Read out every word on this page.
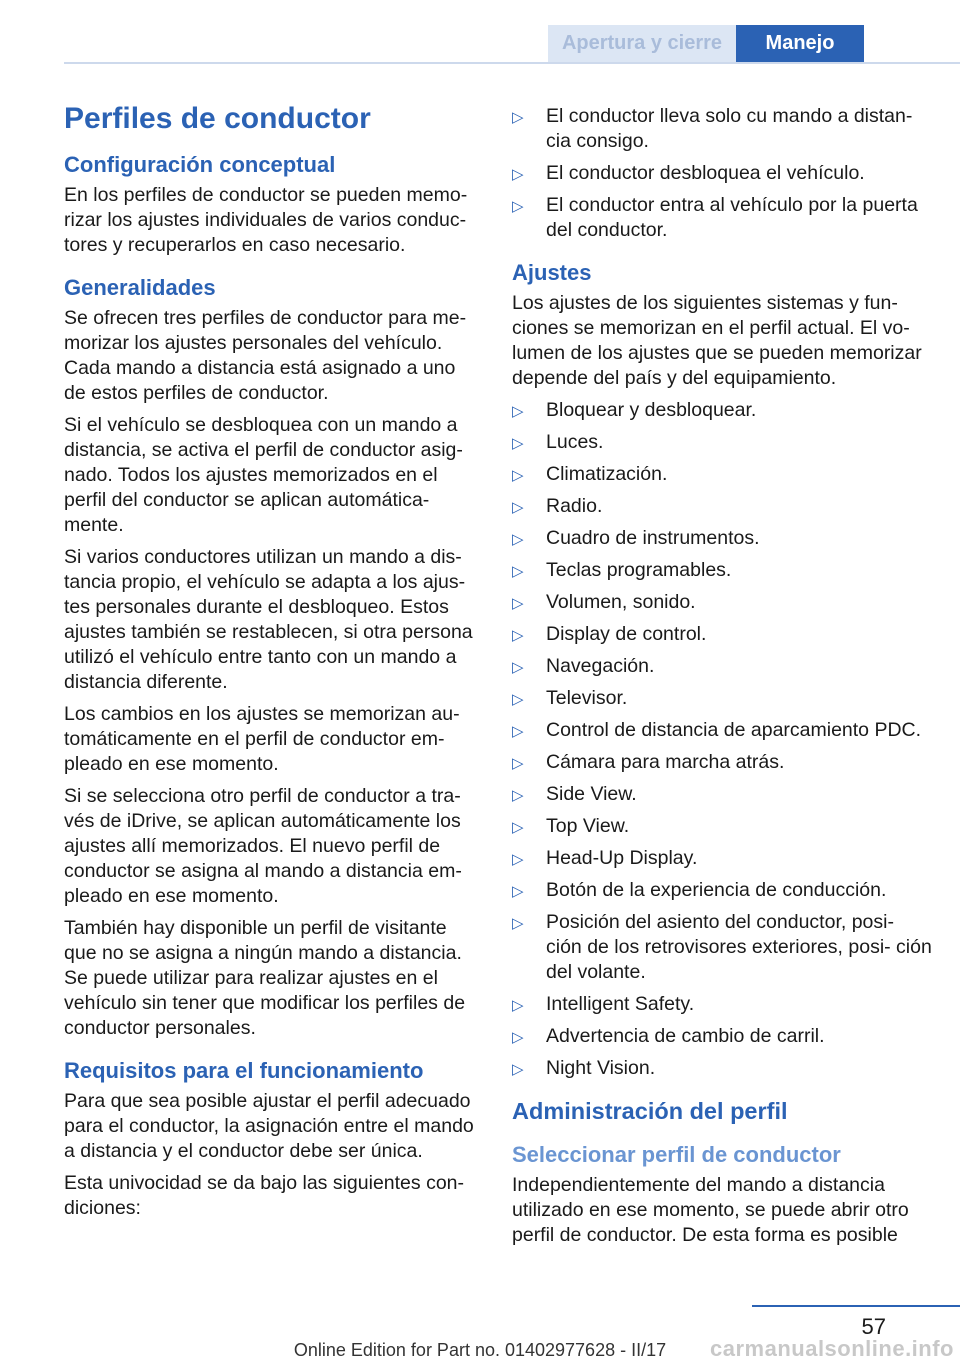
Apertura y cierre	Manejo
Perfiles de conductor
Configuración conceptual

En los perfiles de conductor se pueden memo‐ rizar los ajustes individuales de varios conduc‐ tores y recuperarlos en caso necesario.

Generalidades

Se ofrecen tres perfiles de conductor para me‐ morizar los ajustes personales del vehículo. Cada mando a distancia está asignado a uno de estos perfiles de conductor.

Si el vehículo se desbloquea con un mando a distancia, se activa el perfil de conductor asig‐ nado. Todos los ajustes memorizados en el perfil del conductor se aplican automática‐ mente.

Si varios conductores utilizan un mando a dis‐ tancia propio, el vehículo se adapta a los ajus‐ tes personales durante el desbloqueo. Estos ajustes también se restablecen, si otra persona utilizó el vehículo entre tanto con un mando a distancia diferente.

Los cambios en los ajustes se memorizan au‐ tomáticamente en el perfil de conductor em‐ pleado en ese momento.

Si se selecciona otro perfil de conductor a tra‐ vés de iDrive, se aplican automáticamente los ajustes allí memorizados. El nuevo perfil de conductor se asigna al mando a distancia em‐ pleado en ese momento.

También hay disponible un perfil de visitante que no se asigna a ningún mando a distancia. Se puede utilizar para realizar ajustes en el vehículo sin tener que modificar los perfiles de conductor personales.

Requisitos para el funcionamiento

Para que sea posible ajustar el perfil adecuado para el conductor, la asignación entre el mando a distancia y el conductor debe ser única.

Esta univocidad se da bajo las siguientes con‐ diciones:

▷ El conductor lleva solo cu mando a distan‐ cia consigo.
▷ El conductor desbloquea el vehículo.
▷ El conductor entra al vehículo por la puerta del conductor.
Ajustes

Los ajustes de los siguientes sistemas y fun‐ ciones se memorizan en el perfil actual. El vo‐ lumen de los ajustes que se pueden memorizar depende del país y del equipamiento.

▷ Bloquear y desbloquear.
▷ Luces.
▷ Climatización.
▷ Radio.
▷ Cuadro de instrumentos.
▷ Teclas programables.
▷ Volumen, sonido.
▷ Display de control.
▷ Navegación.
▷ Televisor.
▷ Control de distancia de aparcamiento PDC.
▷ Cámara para marcha atrás.
▷ Side View.
▷ Top View.
▷ Head-Up Display.
▷ Botón de la experiencia de conducción.
▷ Posición del asiento del conductor, posi‐ ción de los retrovisores exteriores, posi‐ ción del volante.
▷ Intelligent Safety.
▷ Advertencia de cambio de carril.
▷ Night Vision.
Administración del perfil
Seleccionar perfil de conductor

Independientemente del mando a distancia utilizado en ese momento, se puede abrir otro perfil de conductor. De esta forma es posible

57
Online Edition for Part no. 01402977628 - II/17	carmanualsonline.info
